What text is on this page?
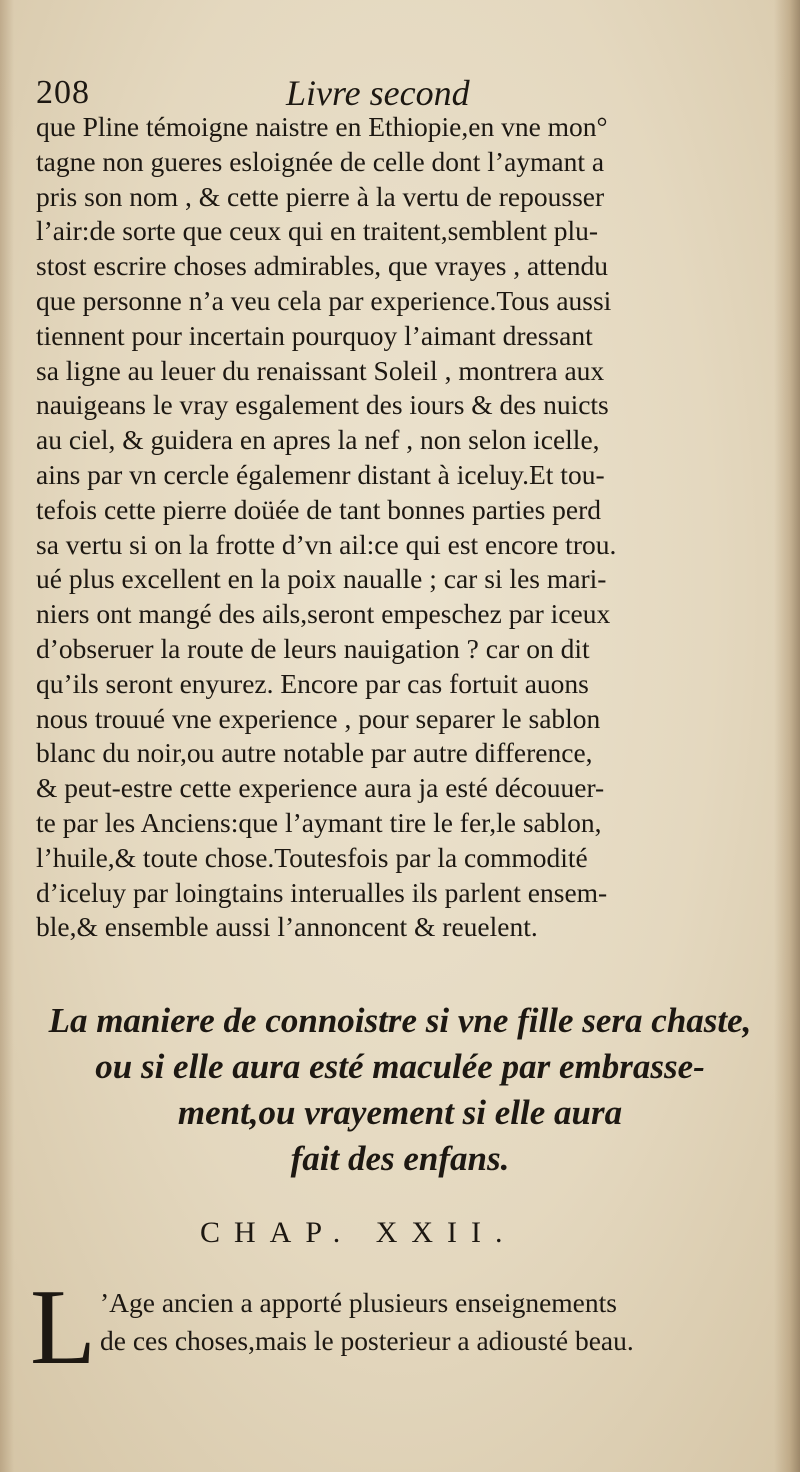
208	Livre second
que Pline témoigne naistre en Ethiopie,en vne mon°
tagne non gueres esloignée de celle dont l’aymant a
pris son nom , & cette pierre à la vertu de repousser
l’air:de sorte que ceux qui en traitent,semblent plu-
stost escrire choses admirables, que vrayes , attendu
que personne n’a veu cela par experience.Tous aussi
tiennent pour incertain pourquoy l’aimant dressant
sa ligne au leuer du renaissant Soleil , montrera aux
nauigeans le vray esgalement des iours & des nuicts
au ciel, & guidera en apres la nef , non selon icelle,
ains par vn cercle égalemenr distant à iceluy.Et tou-
tefois cette pierre doüée de tant bonnes parties perd
sa vertu si on la frotte d’vn ail:ce qui est encore trou.
ué plus excellent en la poix naualle ; car si les mari-
niers ont mangé des ails,seront empeschez par iceux
d’obseruer la route de leurs nauigation ? car on dit
qu’ils seront enyurez. Encore par cas fortuit auons
nous trouué vne experience , pour separer le sablon
blanc du noir,ou autre notable par autre difference,
& peut-estre cette experience aura ja esté découuer-
te par les Anciens:que l’aymant tire le fer,le sablon,
l’huile,& toute chose.Toutesfois par la commodité
d’iceluy par loingtains interualles ils parlent ensem-
ble,& ensemble aussi l’annoncent & reuelent.
La maniere de connoistre si vne fille sera chaste,
ou si elle aura esté maculée par embrasse-
ment,ou vrayement si elle aura
fait des enfans.
CHAP. XXII.
L ’Age ancien a apporté plusieurs enseignements
de ces choses,mais le posterieur a adiousté beau.
